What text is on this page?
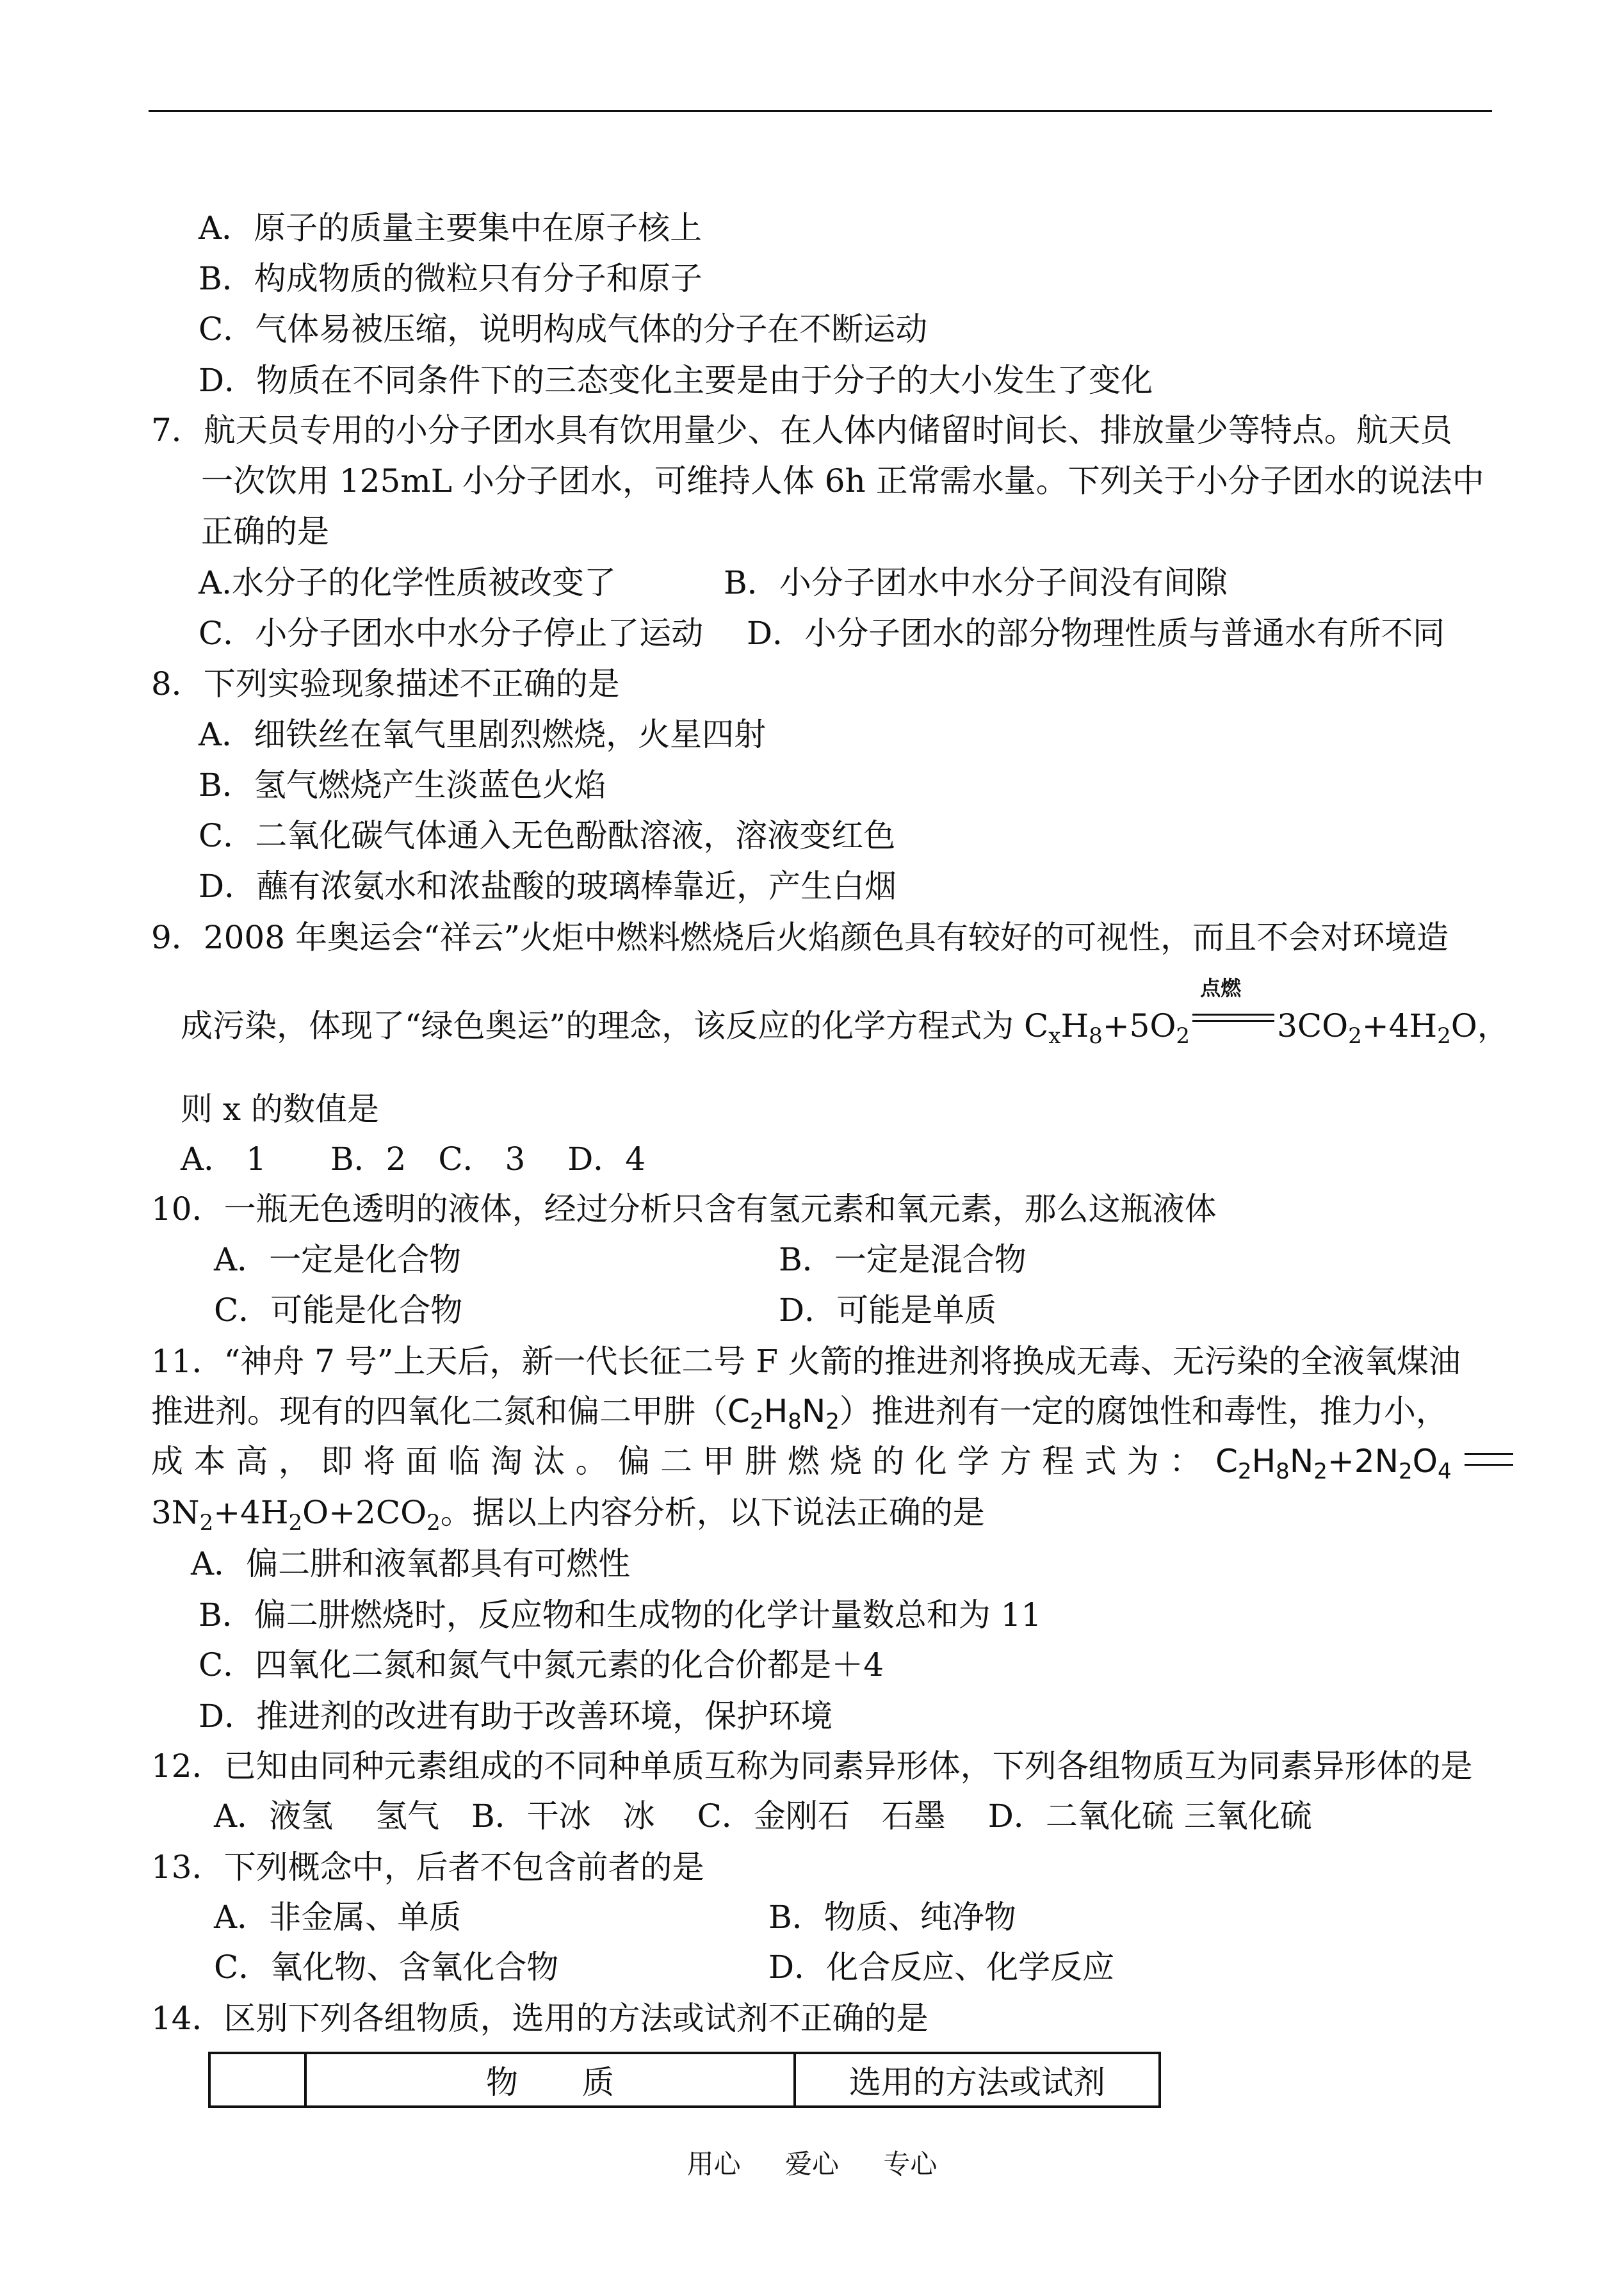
A．原子的质量主要集中在原子核上
B．构成物质的微粒只有分子和原子
C．气体易被压缩，说明构成气体的分子在不断运动
D．物质在不同条件下的三态变化主要是由于分子的大小发生了变化
7．航天员专用的小分子团水具有饮用量少、在人体内储留时间长、排放量少等特点。航天员
一次饮用 125mL 小分子团水，可维持人体 6h 正常需水量。下列关于小分子团水的说法中
正确的是
A.水分子的化学性质被改变了	B．小分子团水中水分子间没有间隙
C．小分子团水中水分子停止了运动 D．小分子团水的部分物理性质与普通水有所不同
8．下列实验现象描述不正确的是
A．细铁丝在氧气里剧烈燃烧，火星四射
B．氢气燃烧产生淡蓝色火焰
C．二氧化碳气体通入无色酚酞溶液，溶液变红色
D．蘸有浓氨水和浓盐酸的玻璃棒靠近，产生白烟
9．2008 年奥运会“祥云”火炬中燃料燃烧后火焰颜色具有较好的可视性，而且不会对环境造
成污染，体现了“绿色奥运”的理念，该反应的化学方程式为 $C_xH_8+5O_2$
点燃
$3CO_2+4H_2O$，
则 x 的数值是
A． 1　　B．2　C． 3　 D．4
10．一瓶无色透明的液体，经过分析只含有氢元素和氧元素，那么这瓶液体
A．一定是化合物	B．一定是混合物
C．可能是化合物	D．可能是单质
11．“神舟 7 号”上天后，新一代长征二号 F 火箭的推进剂将换成无毒、无污染的全液氧煤油
推进剂。现有的四氧化二氮和偏二甲肼$(C_2H_8N_2)$推进剂有一定的腐蚀性和毒性，推力小，
成 本 高 ， 即 将 面 临 淘 汰 。 偏 二 甲 肼 燃 烧 的 化 学 方 程 式 为 ： $C_2H_8N_2+2N_2O_4$
$3N_2+4H_2O+2CO_2$。据以上内容分析，以下说法正确的是
A．偏二肼和液氧都具有可燃性
B．偏二肼燃烧时，反应物和生成物的化学计量数总和为 11
C．四氧化二氮和氮气中氮元素的化合价都是＋4
D．推进剂的改进有助于改善环境，保护环境
12．已知由同种元素组成的不同种单质互称为同素异形体，下列各组物质互为同素异形体的是
A．液氢　 氢气　B．干冰　冰　 C．金刚石　石墨　 D．二氧化硫 三氧化硫
13．下列概念中，后者不包含前者的是
A．非金属、单质	B．物质、纯净物
C．氧化物、含氧化合物	D．化合反应、化学反应
14．区别下列各组物质，选用的方法或试剂不正确的是
	物　　质	选用的方法或试剂
用心 爱心 专心
